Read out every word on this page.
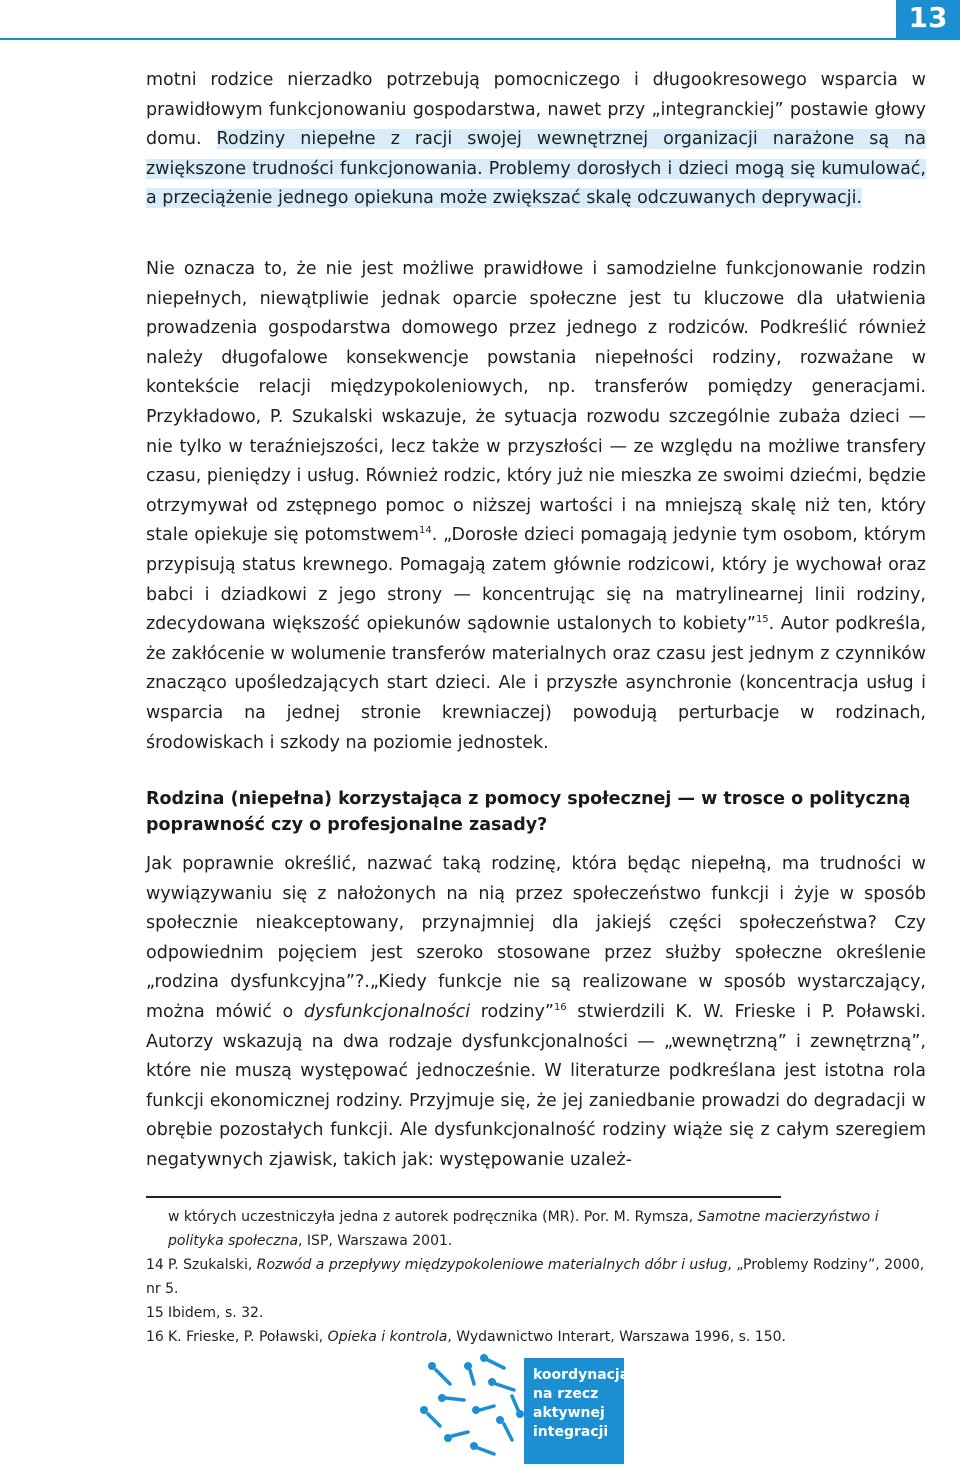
13

motni rodzice nierzadko potrzebują pomocniczego i długookresowego wsparcia w prawidłowym funkcjonowaniu gospodarstwa, nawet przy „integranckiej” postawie głowy domu. Rodziny niepełne z racji swojej wewnętrznej organizacji narażone są na zwiększone trudności funkcjonowania. Problemy dorosłych i dzieci mogą się kumulować, a przeciążenie jednego opiekuna może zwiększać skalę odczuwanych deprywacji.

Nie oznacza to, że nie jest możliwe prawidłowe i samodzielne funkcjonowanie rodzin niepełnych, niewątpliwie jednak oparcie społeczne jest tu kluczowe dla ułatwienia prowadzenia gospodarstwa domowego przez jednego z rodziców. Podkreślić również należy długofalowe konsekwencje powstania niepełności rodziny, rozważane w kontekście relacji międzypokoleniowych, np. transferów pomiędzy generacjami. Przykładowo, P. Szukalski wskazuje, że sytuacja rozwodu szczególnie zubaża dzieci — nie tylko w teraźniejszości, lecz także w przyszłości — ze względu na możliwe transfery czasu, pieniędzy i usług. Również rodzic, który już nie mieszka ze swoimi dziećmi, będzie otrzymywał od zstępnego pomoc o niższej wartości i na mniejszą skalę niż ten, który stale opiekuje się potomstwem$^{14}$. „Dorosłe dzieci pomagają jedynie tym osobom, którym przypisują status krewnego. Pomagają zatem głównie rodzicowi, który je wychował oraz babci i dziadkowi z jego strony — koncentrując się na matrylinearnej linii rodziny, zdecydowana większość opiekunów sądownie ustalonych to kobiety”$^{15}$. Autor podkreśla, że zakłócenie w wolumenie transferów materialnych oraz czasu jest jednym z czynników znacząco upośledzających start dzieci. Ale i przyszłe asynchronie (koncentracja usług i wsparcia na jednej stronie krewniaczej) powodują perturbacje w rodzinach, środowiskach i szkody na poziomie jednostek.

Rodzina (niepełna) korzystająca z pomocy społecznej — w trosce o polityczną poprawność czy o profesjonalne zasady?

Jak poprawnie określić, nazwać taką rodzinę, która będąc niepełną, ma trudności w wywiązywaniu się z nałożonych na nią przez społeczeństwo funkcji i żyje w sposób społecznie nieakceptowany, przynajmniej dla jakiejś części społeczeństwa? Czy odpowiednim pojęciem jest szeroko stosowane przez służby społeczne określenie „rodzina dysfunkcyjna”?.„Kiedy funkcje nie są realizowane w sposób wystarczający, można mówić o dysfunkcjonalności rodziny”$^{16}$ stwierdzili K. W. Frieske i P. Poławski. Autorzy wskazują na dwa rodzaje dysfunkcjonalności — „wewnętrzną” i zewnętrzną”, które nie muszą występować jednocześnie. W literaturze podkreślana jest istotna rola funkcji ekonomicznej rodziny. Przyjmuje się, że jej zaniedbanie prowadzi do degradacji w obrębie pozostałych funkcji. Ale dysfunkcjonalność rodziny wiąże się z całym szeregiem negatywnych zjawisk, takich jak: występowanie uzależ-

w których uczestniczyła jedna z autorek podręcznika (MR). Por. M. Rymsza, Samotne macierzyństwo i polityka społeczna, ISP, Warszawa 2001.

14 P. Szukalski, Rozwód a przepływy międzypokoleniowe materialnych dóbr i usług, „Problemy Rodziny”, 2000, nr 5.

15 Ibidem, s. 32.

16 K. Frieske, P. Poławski, Opieka i kontrola, Wydawnictwo Interart, Warszawa 1996, s. 150.

koordynacja
na rzecz
aktywnej
integracji
